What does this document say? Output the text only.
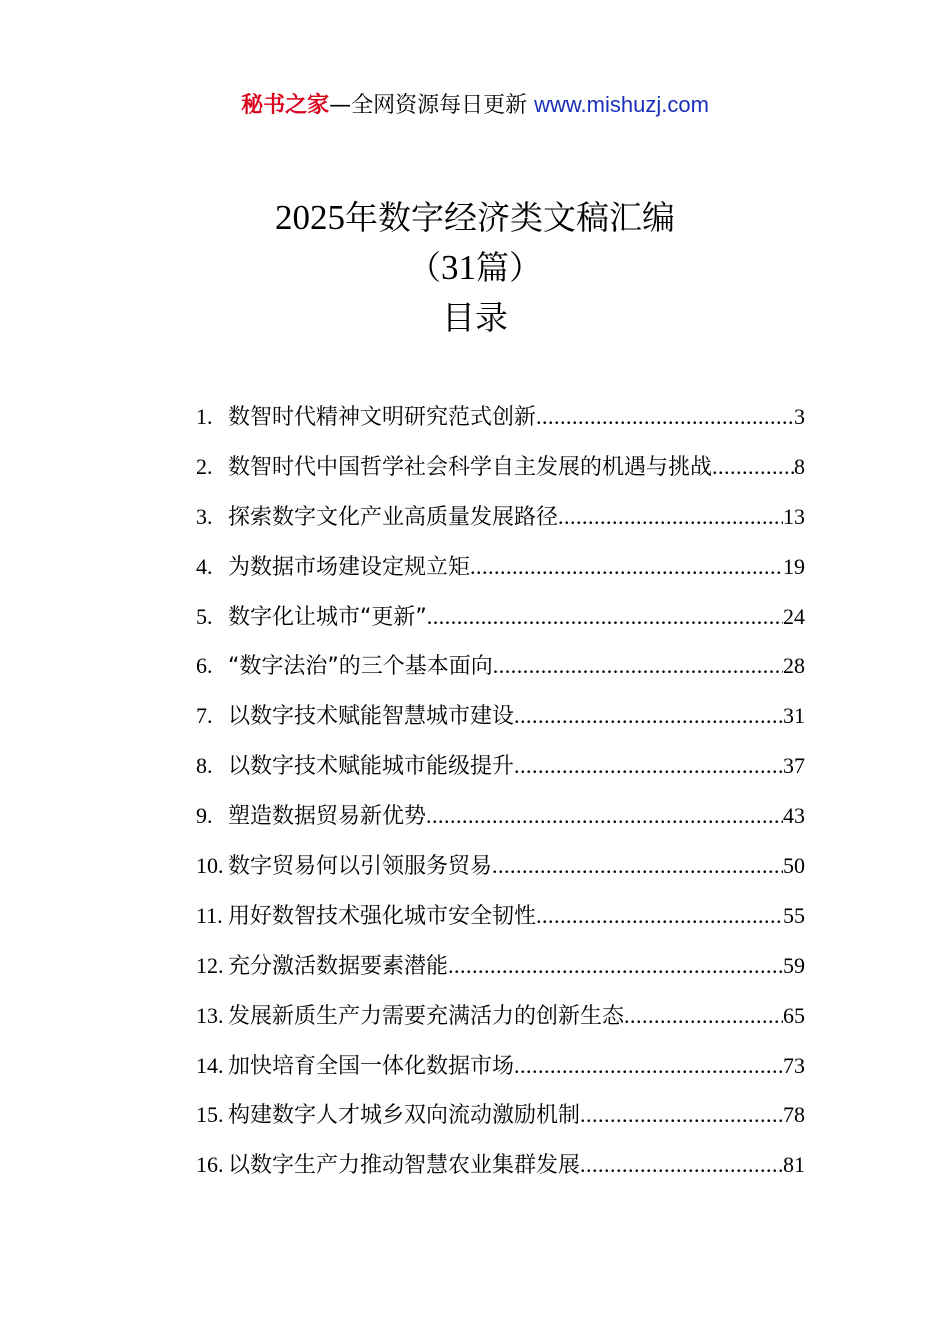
秘书之家—全网资源每日更新 www.mishuzj.com
2025年数字经济类文稿汇编
（31篇）
目录
1. 数智时代精神文明研究范式创新 .....	3
2. 数智时代中国哲学社会科学自主发展的机遇与挑战 .....	8
3. 探索数字文化产业高质量发展路径 .....	13
4. 为数据市场建设定规立矩 .....	19
5. 数字化让城市“更新” .....	24
6. “数字法治”的三个基本面向 .....	28
7. 以数字技术赋能智慧城市建设 .....	31
8. 以数字技术赋能城市能级提升 .....	37
9. 塑造数据贸易新优势 .....	43
10. 数字贸易何以引领服务贸易 .....	50
11. 用好数智技术强化城市安全韧性 .....	55
12. 充分激活数据要素潜能 .....	59
13. 发展新质生产力需要充满活力的创新生态 .....	65
14. 加快培育全国一体化数据市场 .....	73
15. 构建数字人才城乡双向流动激励机制 .....	78
16. 以数字生产力推动智慧农业集群发展 .....	81
